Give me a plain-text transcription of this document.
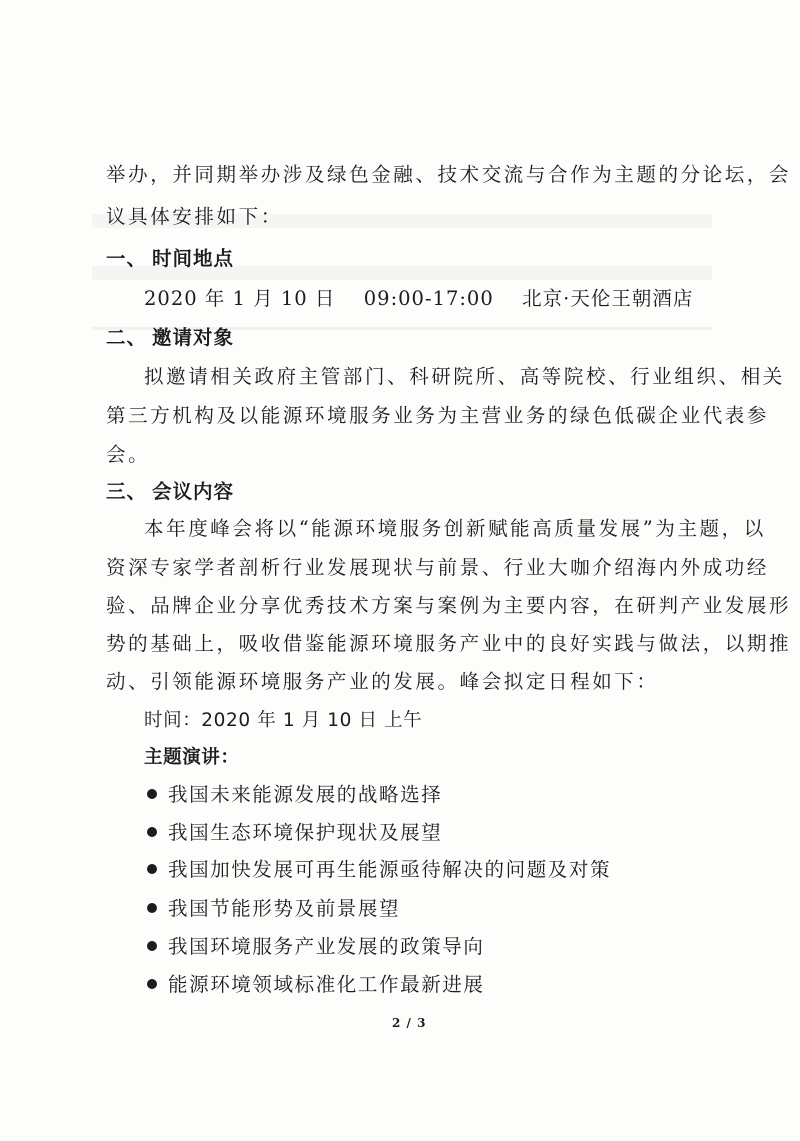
举办，并同期举办涉及绿色金融、技术交流与合作为主题的分论坛，会
议具体安排如下：
一、 时间地点
2020 年 1 月 10 日 09:00-17:00 北京·天伦王朝酒店
二、 邀请对象
拟邀请相关政府主管部门、科研院所、高等院校、行业组织、相关
第三方机构及以能源环境服务业务为主营业务的绿色低碳企业代表参
会。
三、 会议内容
本年度峰会将以“能源环境服务创新赋能高质量发展”为主题，以
资深专家学者剖析行业发展现状与前景、行业大咖介绍海内外成功经
验、品牌企业分享优秀技术方案与案例为主要内容，在研判产业发展形
势的基础上，吸收借鉴能源环境服务产业中的良好实践与做法，以期推
动、引领能源环境服务产业的发展。峰会拟定日程如下：
时间：2020 年 1 月 10 日 上午
主题演讲：
我国未来能源发展的战略选择
我国生态环境保护现状及展望
我国加快发展可再生能源亟待解决的问题及对策
我国节能形势及前景展望
我国环境服务产业发展的政策导向
能源环境领域标准化工作最新进展
2 / 3
